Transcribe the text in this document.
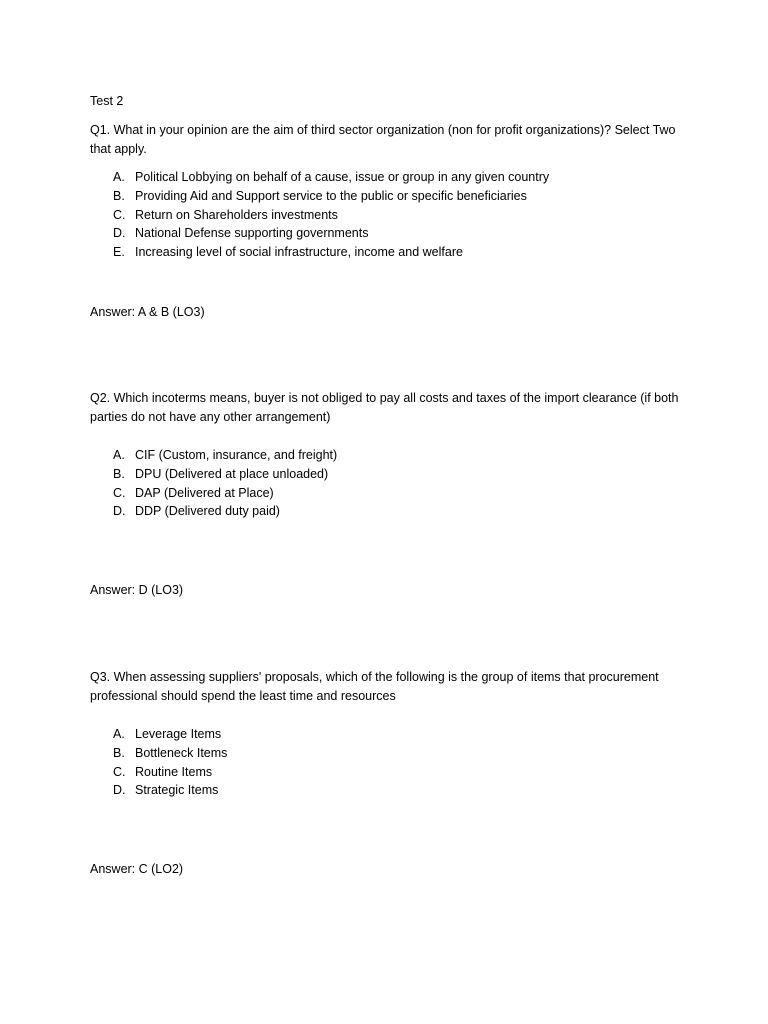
Test 2

Q1. What in your opinion are the aim of third sector organization (non for profit organizations)? Select Two that apply.

A. Political Lobbying on behalf of a cause, issue or group in any given country
B. Providing Aid and Support service to the public or specific beneficiaries
C. Return on Shareholders investments
D. National Defense supporting governments
E. Increasing level of social infrastructure, income and welfare

Answer: A & B (LO3)

Q2. Which incoterms means, buyer is not obliged to pay all costs and taxes of the import clearance (if both parties do not have any other arrangement)

A. CIF (Custom, insurance, and freight)
B. DPU (Delivered at place unloaded)
C. DAP (Delivered at Place)
D. DDP (Delivered duty paid)

Answer: D (LO3)

Q3. When assessing suppliers' proposals, which of the following is the group of items that procurement professional should spend the least time and resources

A. Leverage Items
B. Bottleneck Items
C. Routine Items
D. Strategic Items

Answer: C (LO2)
